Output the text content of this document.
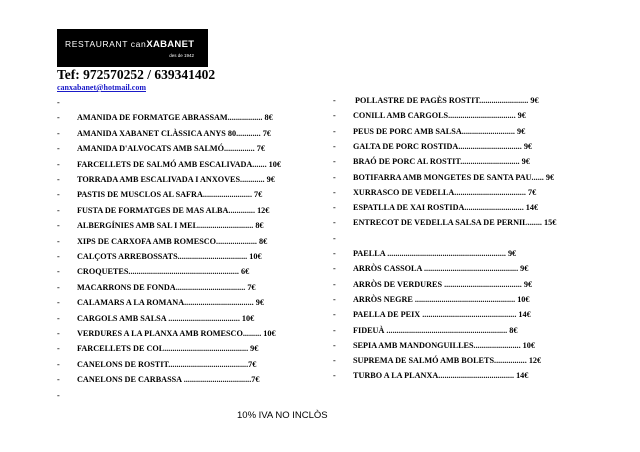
RESTAURANT canXABANET
des de 1942
Tef: 972570252 / 639341402
canxabanet@hotmail.com
-
- AMANIDA DE FORMATGE ABRASSAM................. 8€
- AMANIDA XABANET CLÀSSICA ANYS 80............ 7€
- AMANIDA D'ALVOCATS AMB SALMÓ............... 7€
- FARCELLETS DE SALMÓ AMB ESCALIVADA....... 10€
- TORRADA AMB ESCALIVADA I ANXOVES............ 9€
- PASTIS DE MUSCLOS AL SAFRA........................ 7€
- FUSTA DE FORMATGES DE MAS ALBA............. 12€
- ALBERGÍNIES AMB SAL I MEL........................... 8€
- XIPS DE CARXOFA AMB ROMESCO.................... 8€
- CALÇOTS ARREBOSSATS.................................. 10€
- CROQUETES...................................................... 6€
- MACARRONS DE FONDA.................................. 7€
- CALAMARS A LA ROMANA.................................. 9€
- CARGOLS AMB SALSA ................................... 10€
- VERDURES A LA PLANXA AMB ROMESCO......... 10€
- FARCELLETS DE COL......................................... 9€
- CANELONS DE ROSTIT.......................................7€
- CANELONS DE CARBASSA .................................7€
-
- POLLASTRE DE PAGÈS ROSTIT........................ 9€
- CONILL AMB CARGOLS................................. 9€
- PEUS DE PORC AMB SALSA.......................... 9€
- GALTA DE PORC ROSTIDA............................... 9€
- BRAÓ DE PORC AL ROSTIT............................. 9€
- BOTIFARRA AMB MONGETES DE SANTA PAU...... 9€
- XURRASCO DE VEDELLA................................... 7€
- ESPATLLA DE XAI ROSTIDA............................. 14€
- ENTRECOT DE VEDELLA SALSA DE PERNIL....... 15€
-
- PAELLA .......................................................... 9€
- ARRÒS CASSOLA .............................................. 9€
- ARRÒS DE VERDURES ...................................... 9€
- ARRÒS NEGRE ................................................. 10€
- PAELLA DE PEIX .............................................. 14€
- FIDEUÀ ........................................................... 8€
- SEPIA AMB MANDONGUILLES....................... 10€
- SUPREMA DE SALMÓ AMB BOLETS................ 12€
- TURBO A LA PLANXA..................................... 14€
10% IVA NO INCLÒS
